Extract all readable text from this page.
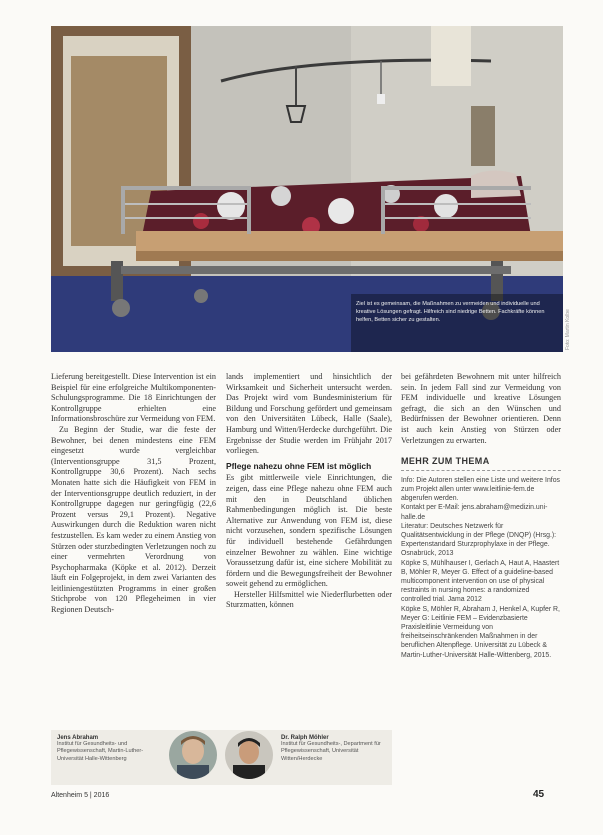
Ziel ist es gemeinsam, die Maßnahmen zu vermeiden und individuelle und kreative Lösungen gefragt. Hilfreich sind niedrige Betten. Fachkräfte können helfen, Betten sicher zu gestalten.	Foto: Martin Kolbe

Lieferung bereitgestellt. Diese Intervention ist ein Beispiel für eine erfolgreiche Multikomponenten-Schulungsprogramme. Die 18 Einrichtungen der Kontrollgruppe erhielten eine Informationsbroschüre zur Vermeidung von FEM.

Zu Beginn der Studie, war die feste der Bewohner, bei denen mindestens eine FEM eingesetzt wurde vergleichbar (Interventionsgruppe 31,5 Prozent, Kontrollgruppe 30,6 Prozent). Nach sechs Monaten hatte sich die Häufigkeit von FEM in der Interventionsgruppe deutlich reduziert, in der Kontrollgruppe dagegen nur geringfügig (22,6 Prozent versus 29,1 Prozent). Negative Auswirkungen durch die Reduktion waren nicht festzustellen. Es kam weder zu einem Anstieg von Stürzen oder sturzbedingten Verletzungen noch zu einer vermehrten Verordnung von Psychopharmaka (Köpke et al. 2012). Derzeit läuft ein Folgeprojekt, in dem zwei Varianten des leitliniengestützten Programms in einer großen Stichprobe von 120 Pflegeheimen in vier Regionen Deutsch-

lands implementiert und hinsichtlich der Wirksamkeit und Sicherheit untersucht werden. Das Projekt wird vom Bundesministerium für Bildung und Forschung gefördert und gemeinsam von den Universitäten Lübeck, Halle (Saale), Hamburg und Witten/Herdecke durchgeführt. Die Ergebnisse der Studie werden im Frühjahr 2017 vorliegen.

Pflege nahezu ohne FEM ist möglich

Es gibt mittlerweile viele Einrichtungen, die zeigen, dass eine Pflege nahezu ohne FEM auch mit den in Deutschland üblichen Rahmenbedingungen möglich ist. Die beste Alternative zur Anwendung von FEM ist, diese nicht vorzusehen, sondern spezifische Lösungen für individuell bestehende Gefährdungen einzelner Bewohner zu wählen. Eine wichtige Voraussetzung dafür ist, eine sichere Mobilität zu fördern und die Bewegungsfreiheit der Bewohner soweit gehend zu ermöglichen.

Hersteller Hilfsmittel wie Niederflurbetten oder Sturzmatten, können

bei gefährdeten Bewohnern mit unter hilfreich sein. In jedem Fall sind zur Vermeidung von FEM individuelle und kreative Lösungen gefragt, die sich an den Wünschen und Bedürfnissen der Bewohner orientieren. Denn ist auch kein Anstieg von Stürzen oder Verletzungen zu erwarten.

MEHR ZUM THEMA
Info: Die Autoren stellen eine Liste und weitere Infos zum Projekt allen unter www.leitlinie-fem.de abgerufen werden.
Kontakt per E-Mail: jens.abraham@medizin.uni-halle.de
Literatur: Deutsches Netzwerk für Qualitätsentwicklung in der Pflege (DNQP) (Hrsg.): Expertenstandard Sturzprophylaxe in der Pflege. Osnabrück, 2013
Köpke S, Mühlhauser I, Gerlach A, Haut A, Haastert B, Möhler R, Meyer G. Effect of a guideline-based multicomponent intervention on use of physical restraints in nursing homes: a randomized controlled trial. Jama 2012
Köpke S, Möhler R, Abraham J, Henkel A, Kupfer R, Meyer G: Leitlinie FEM – Evidenzbasierte Praxisleitlinie Vermeidung von freiheitseinschränkenden Maßnahmen in der beruflichen Altenpflege. Universität zu Lübeck & Martin-Luther-Universität Halle-Wittenberg, 2015.
Jens Abraham
Institut für Gesundheits- und Pflegewissenschaft, Martin-Luther-Universität Halle-Wittenberg
Dr. Ralph Möhler
Institut für Gesundheits-, Department für Pflegewissenschaft, Universität Witten/Herdecke
Altenheim 5 | 2016	45
